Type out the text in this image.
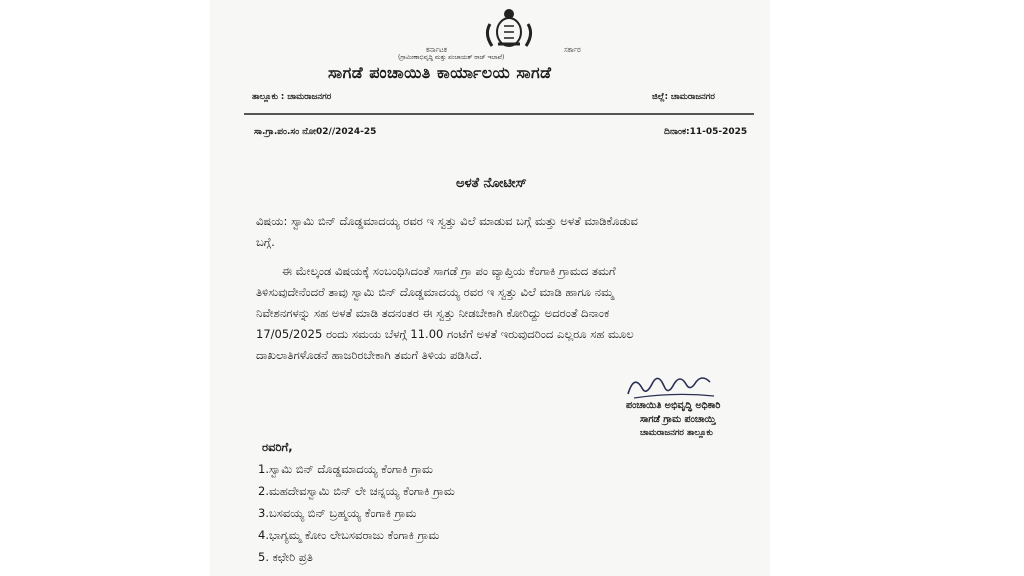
ಕರ್ನಾಟಕ	ಸರ್ಕಾರ
(ಗ್ರಾಮೀಣಾಭಿವೃದ್ಧಿ ಮತ್ತು ಪಂಚಾಯತ್ ರಾಜ್ ಇಲಾಖೆ)
ಸಾಗಡೆ ಪಂಚಾಯಿತಿ ಕಾರ್ಯಾಲಯ ಸಾಗಡೆ
ತಾಲ್ಲೂಕು : ಚಾಮರಾಜನಗರ	ಜಿಲ್ಲೆ: ಚಾಮರಾಜನಗರ
ಸಾ.ಗ್ರಾ.ಪಂ.ಸಂ ನೋ02//2024-25	ದಿನಾಂಕ:11-05-2025
ಅಳತೆ ನೋಟೀಸ್
ವಿಷಯ: ಸ್ವಾಮಿ ಬಿನ್ ದೊಡ್ಡಮಾದಯ್ಯ ರವರ ಇ ಸ್ವತ್ತು ವಿಲೆ ಮಾಡುವ ಬಗ್ಗೆ ಮತ್ತು ಅಳತೆ ಮಾಡಿಕೊಡುವ
ಬಗ್ಗೆ.
ಈ ಮೇಲ್ಕಂಡ ವಿಷಯಕ್ಕೆ ಸಂಬಂಧಿಸಿದಂತೆ ಸಾಗಡೆ ಗ್ರಾ ಪಂ ವ್ಯಾಪ್ತಿಯ ಕೆಂಗಾಕಿ ಗ್ರಾಮದ ತಮಗೆ
ತಿಳಿಸುವುದೇನೆಂದರೆ ತಾವು ಸ್ವಾಮಿ ಬಿನ್ ದೊಡ್ಡಮಾದಯ್ಯ ರವರ ಇ ಸ್ವತ್ತು ವಿಲೆ ಮಾಡಿ ಹಾಗೂ ನಮ್ಮ
ನಿವೇಶನಗಳನ್ನು ಸಹ ಅಳತೆ ಮಾಡಿ ತದನಂತರ ಈ ಸ್ವತ್ತು ನೀಡಬೇಕಾಗಿ ಕೋರಿದ್ದು ಅದರಂತೆ ದಿನಾಂಕ
17/05/2025 ರಂದು ಸಮಯ ಬೆಳಗ್ಗೆ 11.00 ಗಂಟೆಗೆ ಅಳತೆ ಇರುವುದರಿಂದ ಎಲ್ಲರೂ ಸಹ ಮೂಲ
ದಾಖಲಾತಿಗಳೊಡನೆ ಹಾಜರಿರಬೇಕಾಗಿ ತಮಗೆ ತಿಳಿಯ ಪಡಿಸಿದೆ.
ಪಂಚಾಯಿತಿ ಅಭಿವೃದ್ಧಿ ಅಧಿಕಾರಿ
ಸಾಗಡೆ ಗ್ರಾಮ ಪಂಚಾಯ್ತಿ
ಚಾಮರಾಜನಗರ ತಾಲ್ಲೂಕು
ರವರಿಗೆ,
1.ಸ್ವಾಮಿ ಬಿನ್ ದೊಡ್ಡಮಾದಯ್ಯ ಕೆಂಗಾಕಿ ಗ್ರಾಮ
2.ಮಹದೇವಸ್ವಾಮಿ ಬಿನ್ ಲೇ ಚನ್ನಯ್ಯ ಕೆಂಗಾಕಿ ಗ್ರಾಮ
3.ಬಸವಯ್ಯ ಬಿನ್ ಬ್ರಹ್ಮಯ್ಯ ಕೆಂಗಾಕಿ ಗ್ರಾಮ
4.ಭಾಗ್ಯಮ್ಮ ಕೋಂ ಲೇಬಸವರಾಜು ಕೆಂಗಾಕಿ ಗ್ರಾಮ
5. ಕಛೇರಿ ಪ್ರತಿ
